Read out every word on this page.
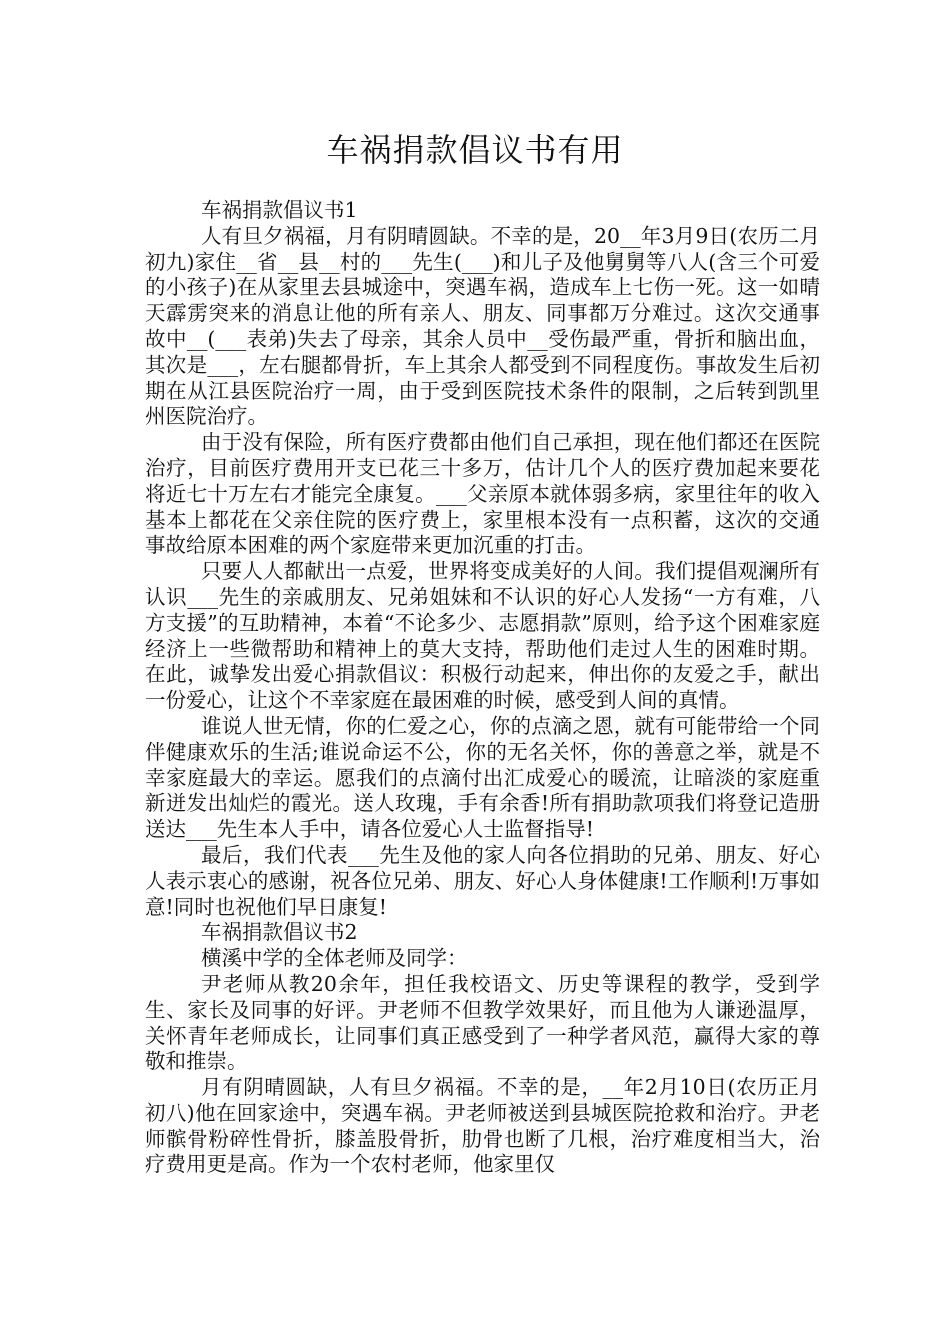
车祸捐款倡议书有用

车祸捐款倡议书1

人有旦夕祸福，月有阴晴圆缺。不幸的是，20__年3月9日(农历二月初九)家住__省__县__村的___先生(___)和儿子及他舅舅等八人(含三个可爱的小孩子)在从家里去县城途中，突遇车祸，造成车上七伤一死。这一如晴天霹雳突来的消息让他的所有亲人、朋友、同事都万分难过。这次交通事故中__(___表弟)失去了母亲，其余人员中__受伤最严重，骨折和脑出血，其次是___，左右腿都骨折，车上其余人都受到不同程度伤。事故发生后初期在从江县医院治疗一周，由于受到医院技术条件的限制，之后转到凯里州医院治疗。

由于没有保险，所有医疗费都由他们自己承担，现在他们都还在医院治疗，目前医疗费用开支已花三十多万，估计几个人的医疗费加起来要花将近七十万左右才能完全康复。___父亲原本就体弱多病，家里往年的收入基本上都花在父亲住院的医疗费上，家里根本没有一点积蓄，这次的交通事故给原本困难的两个家庭带来更加沉重的打击。

只要人人都献出一点爱，世界将变成美好的人间。我们提倡观澜所有认识___先生的亲戚朋友、兄弟姐妹和不认识的好心人发扬“一方有难，八方支援”的互助精神，本着“不论多少、志愿捐款”原则，给予这个困难家庭经济上一些微帮助和精神上的莫大支持，帮助他们走过人生的困难时期。在此，诚挚发出爱心捐款倡议：积极行动起来，伸出你的友爱之手，献出一份爱心，让这个不幸家庭在最困难的时候，感受到人间的真情。

谁说人世无情，你的仁爱之心，你的点滴之恩，就有可能带给一个同伴健康欢乐的生活;谁说命运不公，你的无名关怀，你的善意之举，就是不幸家庭最大的幸运。愿我们的点滴付出汇成爱心的暖流，让暗淡的家庭重新迸发出灿烂的霞光。送人玫瑰，手有余香!所有捐助款项我们将登记造册送达___先生本人手中，请各位爱心人士监督指导!

最后，我们代表___先生及他的家人向各位捐助的兄弟、朋友、好心人表示衷心的感谢，祝各位兄弟、朋友、好心人身体健康!工作顺利!万事如意!同时也祝他们早日康复!

车祸捐款倡议书2

横溪中学的全体老师及同学：

尹老师从教20余年，担任我校语文、历史等课程的教学，受到学生、家长及同事的好评。尹老师不但教学效果好，而且他为人谦逊温厚，关怀青年老师成长，让同事们真正感受到了一种学者风范，赢得大家的尊敬和推崇。

月有阴晴圆缺，人有旦夕祸福。不幸的是，__年2月10日(农历正月初八)他在回家途中，突遇车祸。尹老师被送到县城医院抢救和治疗。尹老师髌骨粉碎性骨折，膝盖股骨折，肋骨也断了几根，治疗难度相当大，治疗费用更是高。作为一个农村老师，他家里仅
